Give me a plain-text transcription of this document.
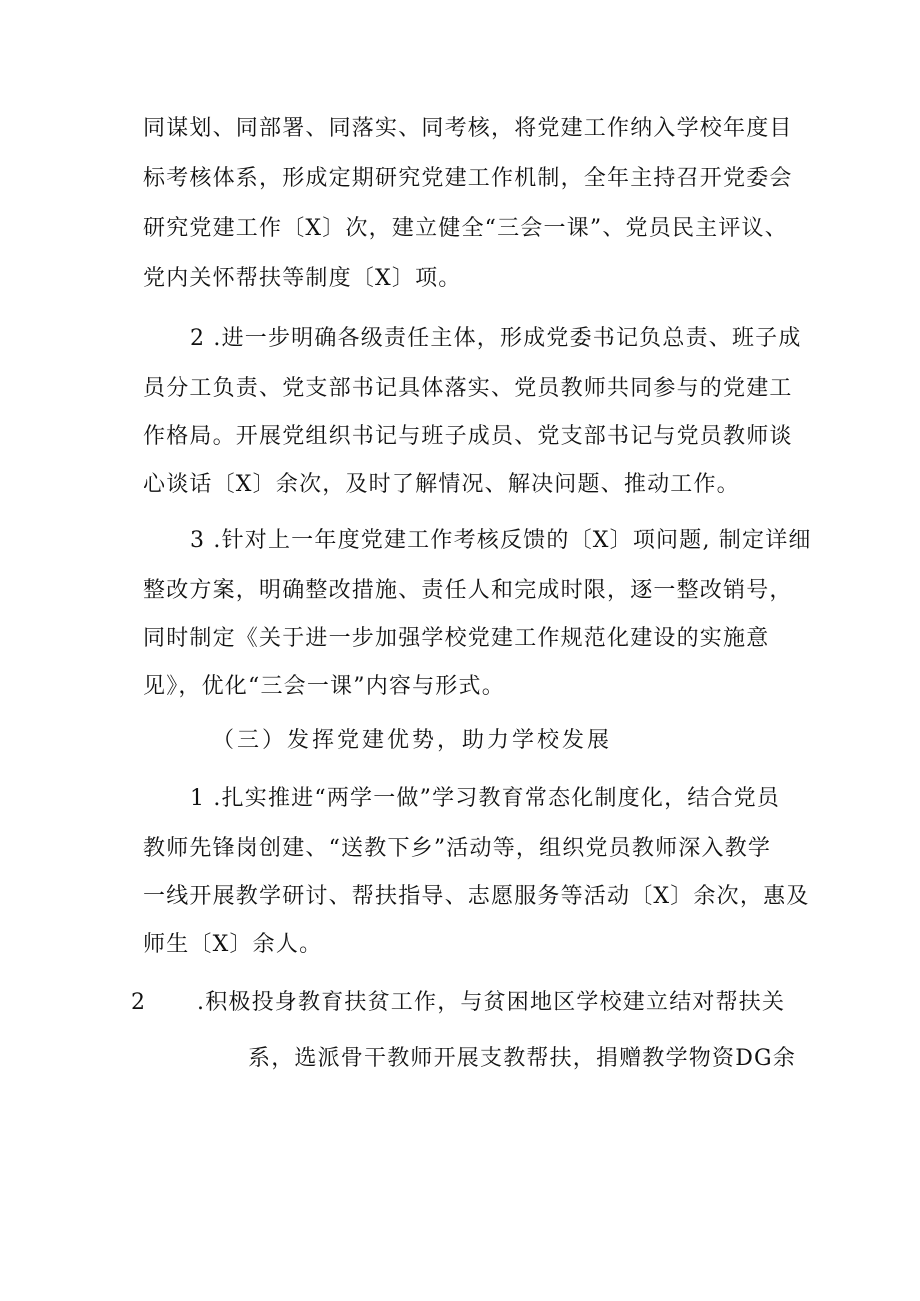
同谋划、同部署、同落实、同考核，将党建工作纳入学校年度目
标考核体系，形成定期研究党建工作机制，全年主持召开党委会
研究党建工作〔X〕次，建立健全“三会一课”、党员民主评议、
党内关怀帮扶等制度〔X〕项。
2 .进一步明确各级责任主体，形成党委书记负总责、班子成
员分工负责、党支部书记具体落实、党员教师共同参与的党建工
作格局。开展党组织书记与班子成员、党支部书记与党员教师谈
心谈话〔X〕余次，及时了解情况、解决问题、推动工作。
3 .针对上一年度党建工作考核反馈的〔X〕项问题, 制定详细
整改方案，明确整改措施、责任人和完成时限，逐一整改销号，
同时制定《关于进一步加强学校党建工作规范化建设的实施意
见》，优化“三会一课”内容与形式。
（三）发挥党建优势，助力学校发展
1 .扎实推进“两学一做”学习教育常态化制度化，结合党员
教师先锋岗创建、“送教下乡”活动等，组织党员教师深入教学
一线开展教学研讨、帮扶指导、志愿服务等活动〔X〕余次，惠及
师生〔X〕余人。
2 .积极投身教育扶贫工作，与贫困地区学校建立结对帮扶关
系，选派骨干教师开展支教帮扶，捐赠教学物资DG余
